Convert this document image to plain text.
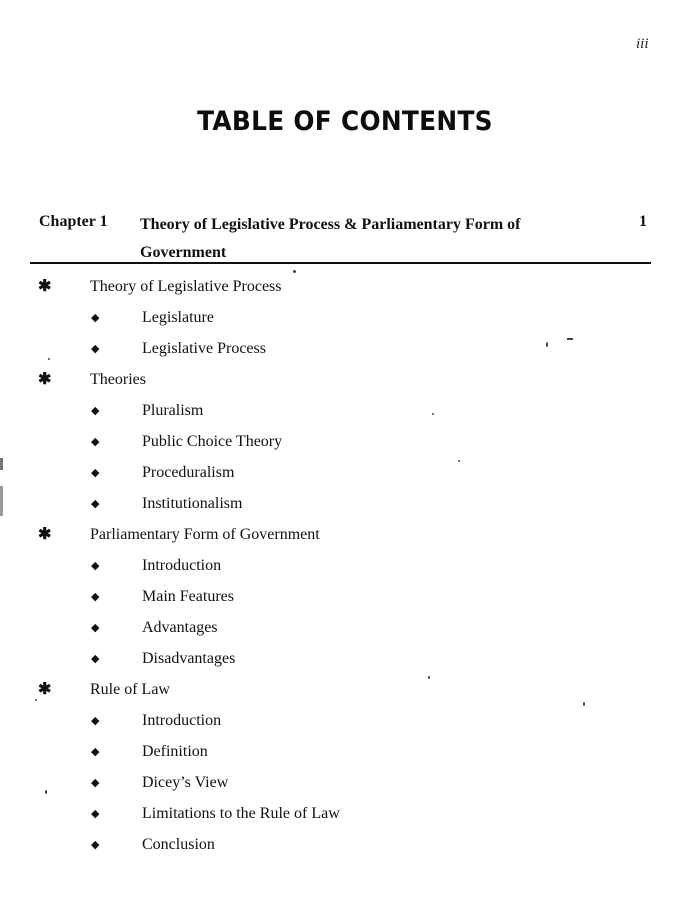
iii
TABLE OF CONTENTS
Chapter 1 Theory of Legislative Process & Parliamentary Form of Government
1
✱ Theory of Legislative Process
◆	Legislature
◆	Legislative Process
✱ Theories
◆	Pluralism
◆	Public Choice Theory
◆	Proceduralism
◆	Institutionalism
✱ Parliamentary Form of Government
◆	Introduction
◆	Main Features
◆	Advantages
◆	Disadvantages
✱ Rule of Law
◆	Introduction
◆	Definition
◆	Dicey’s View
◆	Limitations to the Rule of Law
◆	Conclusion
